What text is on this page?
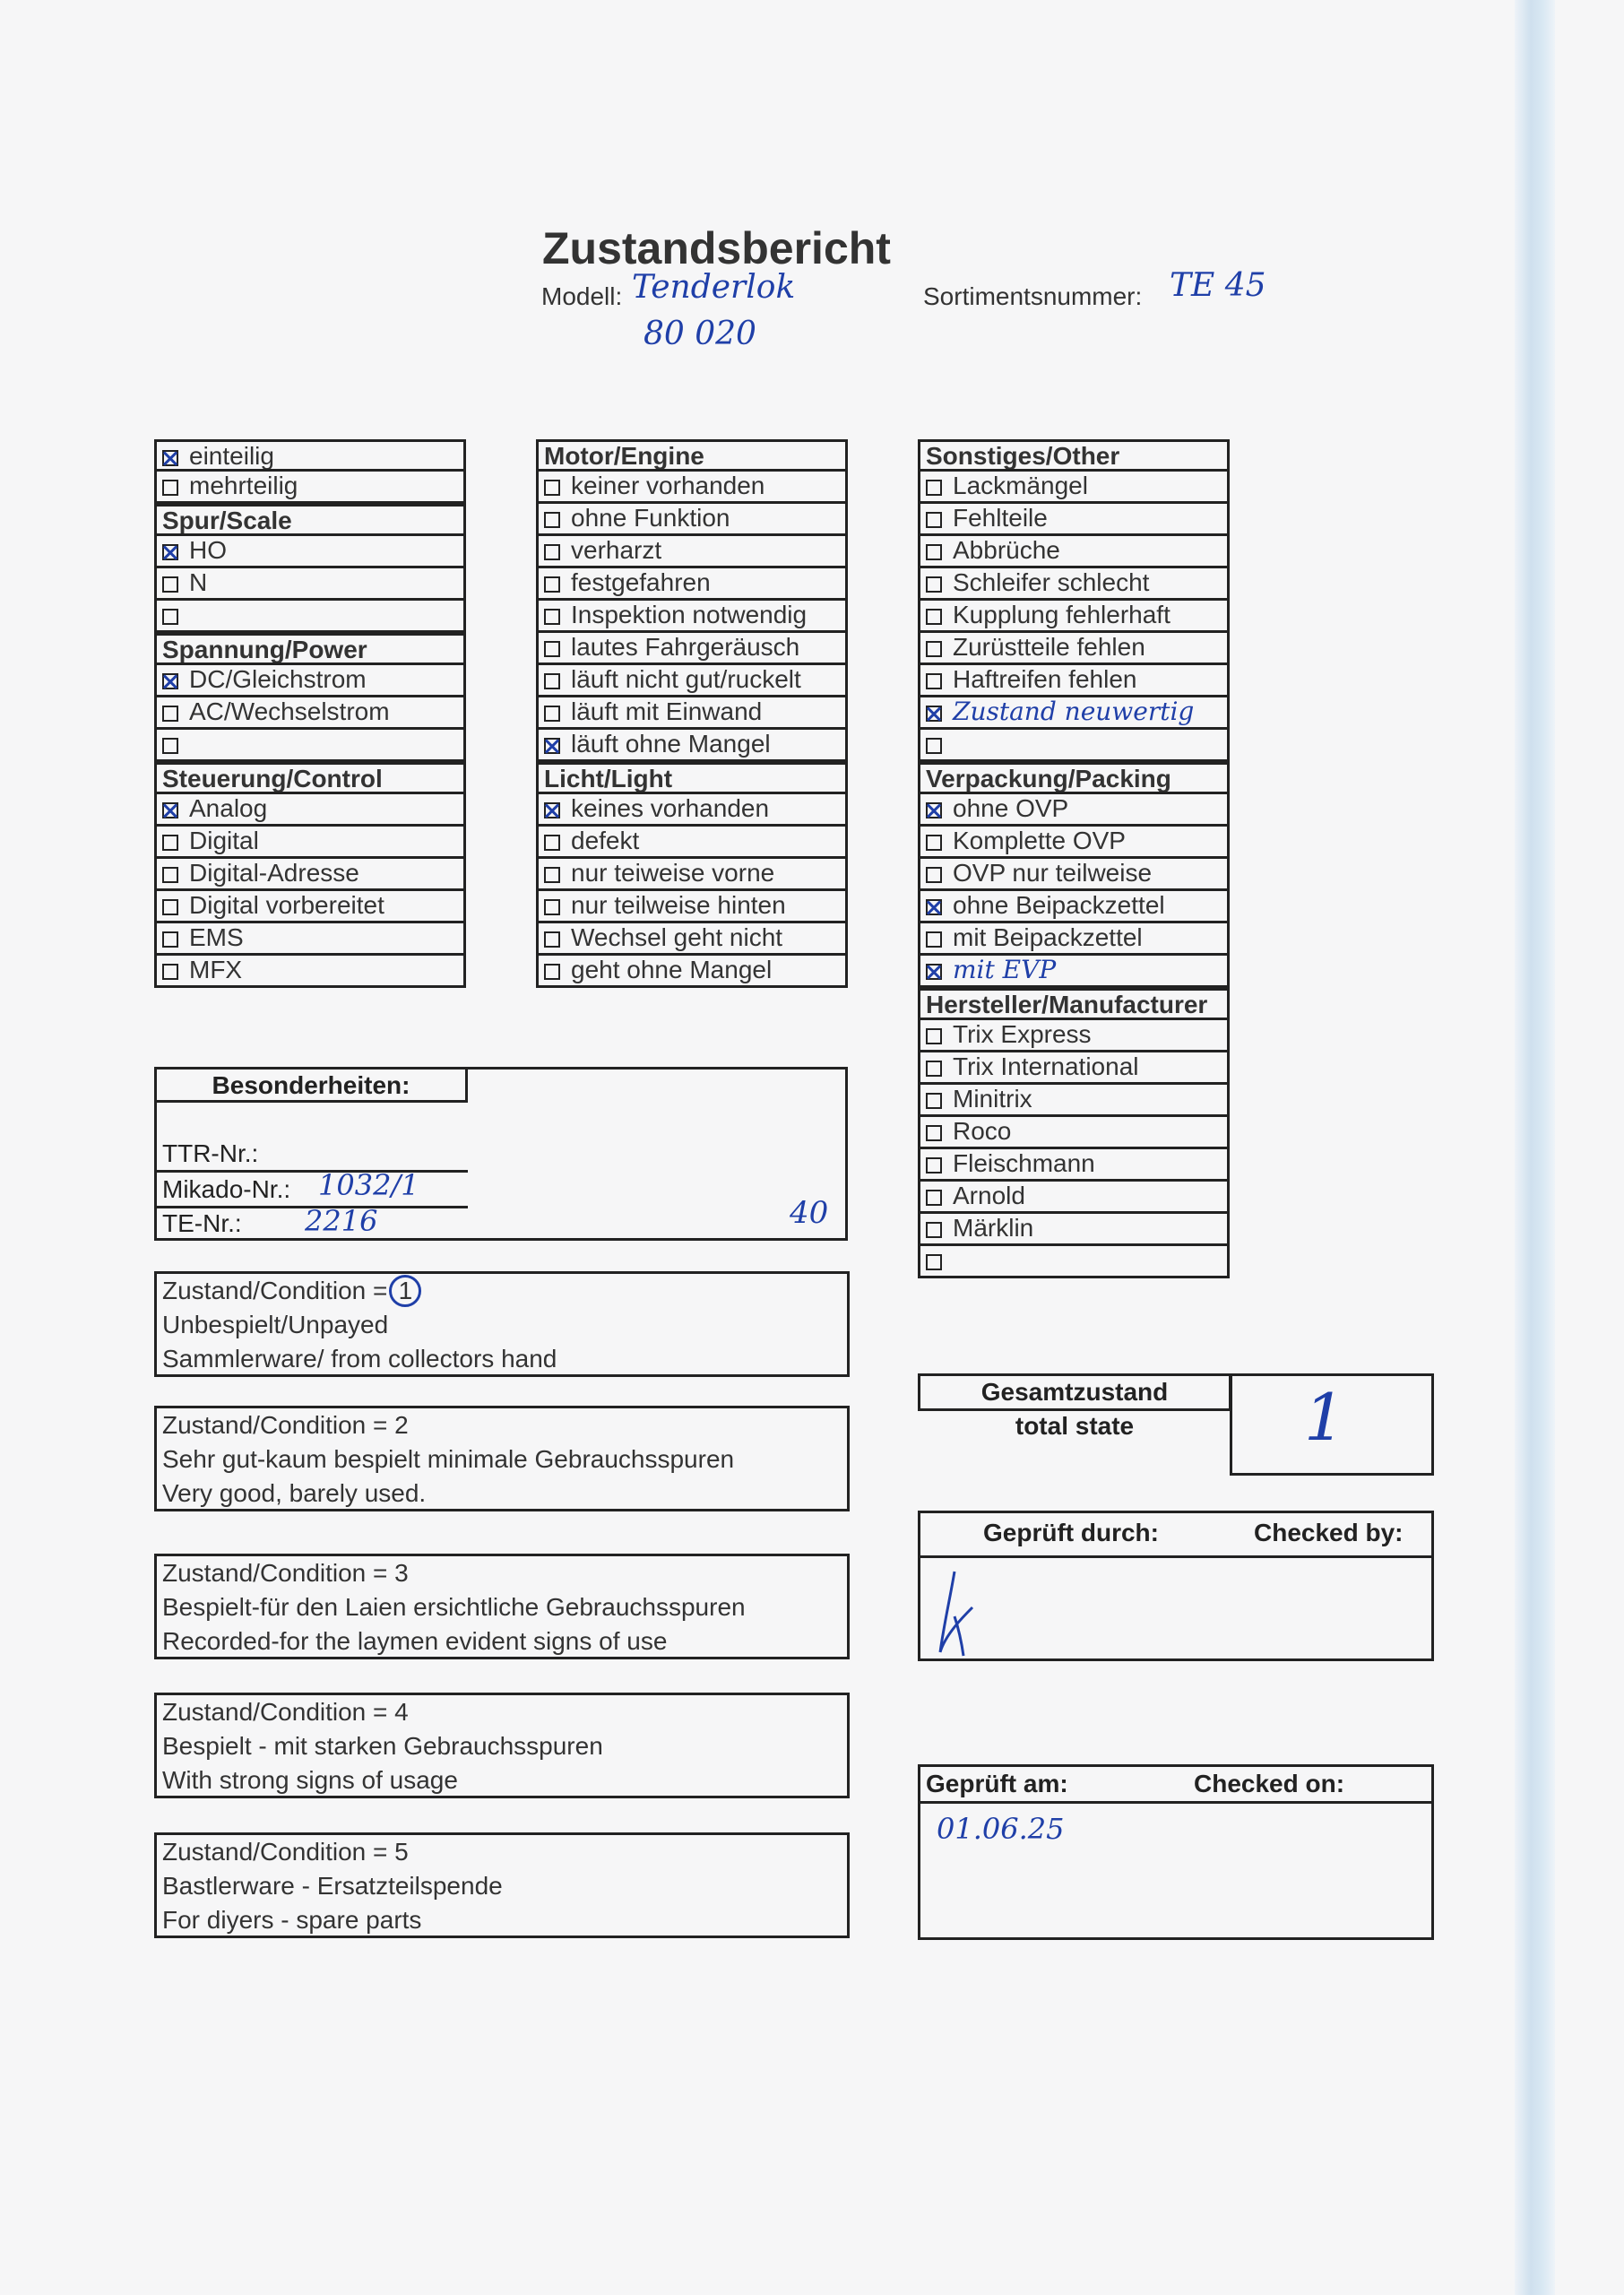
Zustandsbericht
Modell: Tenderlok
80 020
Sortimentsnummer: TE 45
einteilig
mehrteilig
Spur/Scale
HO
N
Spannung/Power
DC/Gleichstrom
AC/Wechselstrom
Steuerung/Control
Analog
Digital
Digital-Adresse
Digital vorbereitet
EMS
MFX
Motor/Engine
keiner vorhanden
ohne Funktion
verharzt
festgefahren
Inspektion notwendig
lautes Fahrgeräusch
läuft nicht gut/ruckelt
läuft mit Einwand
läuft ohne Mangel
Licht/Light
keines vorhanden
defekt
nur teiweise vorne
nur teilweise hinten
Wechsel geht nicht
geht ohne Mangel
Sonstiges/Other
Lackmängel
Fehlteile
Abbrüche
Schleifer schlecht
Kupplung fehlerhaft
Zurüstteile fehlen
Haftreifen fehlen
Zustand neuwertig
Verpackung/Packing
ohne OVP
Komplette OVP
OVP nur teilweise
ohne Beipackzettel
mit Beipackzettel
mit EVP
Hersteller/Manufacturer
Trix Express
Trix International
Minitrix
Roco
Fleischmann
Arnold
Märklin
Besonderheiten:
TTR-Nr.:
Mikado-Nr.: 1032/1
TE-Nr.: 2216	40
Zustand/Condition = 1

Unbespielt/Unpayed
Sammlerware/ from collectors hand
Zustand/Condition = 2
Sehr gut-kaum bespielt minimale Gebrauchsspuren
Very good, barely used.
Zustand/Condition = 3
Bespielt-für den Laien ersichtliche Gebrauchsspuren
Recorded-for the laymen evident signs of use
Zustand/Condition = 4
Bespielt - mit starken Gebrauchsspuren
With strong signs of usage
Zustand/Condition = 5
Bastlerware - Ersatzteilspende
For diyers - spare parts
Gesamtzustand
total state	1
Geprüft durch:	Checked by:
Geprüft am:	Checked on:
01.06.25
